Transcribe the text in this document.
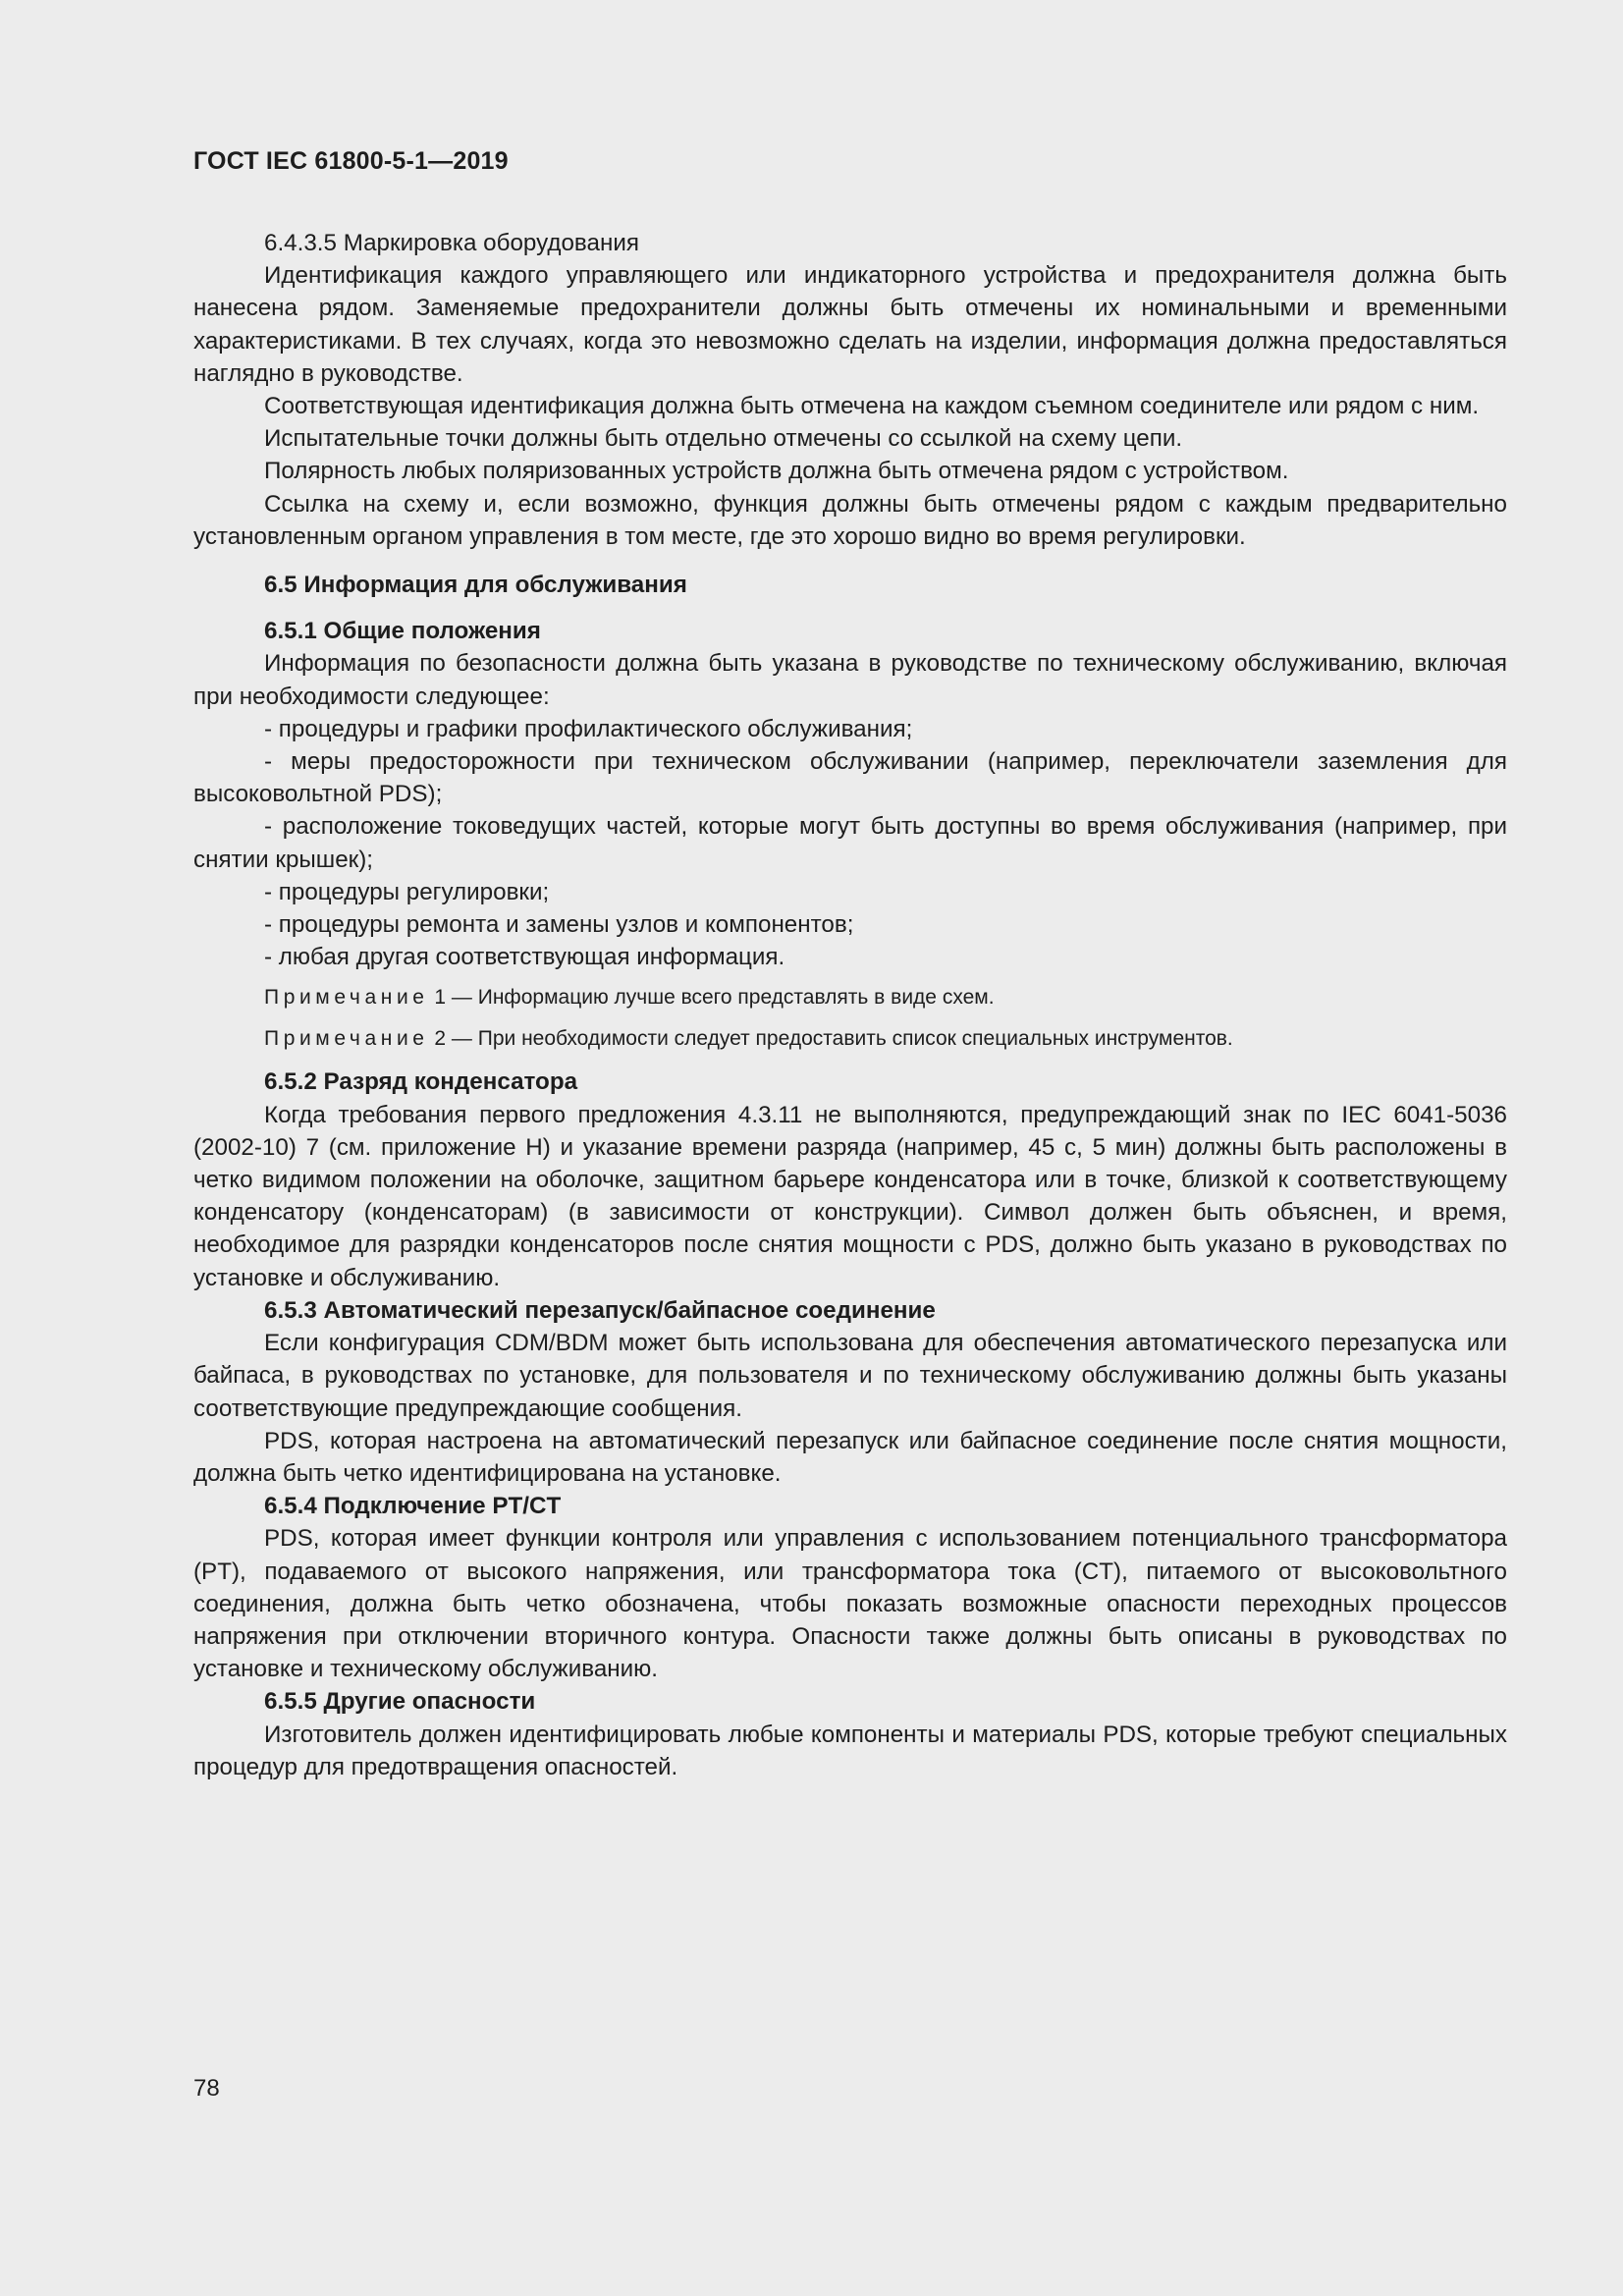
ГОСТ IEC 61800-5-1—2019

6.4.3.5 Маркировка оборудования

Идентификация каждого управляющего или индикаторного устройства и предохранителя должна быть нанесена рядом. Заменяемые предохранители должны быть отмечены их номинальными и временными характеристиками. В тех случаях, когда это невозможно сделать на изделии, информация должна предоставляться наглядно в руководстве.

Соответствующая идентификация должна быть отмечена на каждом съемном соединителе или рядом с ним.

Испытательные точки должны быть отдельно отмечены со ссылкой на схему цепи.

Полярность любых поляризованных устройств должна быть отмечена рядом с устройством.

Ссылка на схему и, если возможно, функция должны быть отмечены рядом с каждым предварительно установленным органом управления в том месте, где это хорошо видно во время регулировки.

6.5 Информация для обслуживания

6.5.1 Общие положения

Информация по безопасности должна быть указана в руководстве по техническому обслуживанию, включая при необходимости следующее:

- процедуры и графики профилактического обслуживания;

- меры предосторожности при техническом обслуживании (например, переключатели заземления для высоковольтной PDS);

- расположение токоведущих частей, которые могут быть доступны во время обслуживания (например, при снятии крышек);

- процедуры регулировки;

- процедуры ремонта и замены узлов и компонентов;

- любая другая соответствующая информация.

Примечание 1 — Информацию лучше всего представлять в виде схем.

Примечание 2 — При необходимости следует предоставить список специальных инструментов.

6.5.2 Разряд конденсатора

Когда требования первого предложения 4.3.11 не выполняются, предупреждающий знак по IEC 6041-5036 (2002-10) 7 (см. приложение Н) и указание времени разряда (например, 45 с, 5 мин) должны быть расположены в четко видимом положении на оболочке, защитном барьере конденсатора или в точке, близкой к соответствующему конденсатору (конденсаторам) (в зависимости от конструкции). Символ должен быть объяснен, и время, необходимое для разрядки конденсаторов после снятия мощности с PDS, должно быть указано в руководствах по установке и обслуживанию.

6.5.3 Автоматический перезапуск/байпасное соединение

Если конфигурация CDM/BDM может быть использована для обеспечения автоматического перезапуска или байпаса, в руководствах по установке, для пользователя и по техническому обслуживанию должны быть указаны соответствующие предупреждающие сообщения.

PDS, которая настроена на автоматический перезапуск или байпасное соединение после снятия мощности, должна быть четко идентифицирована на установке.

6.5.4 Подключение PT/CT

PDS, которая имеет функции контроля или управления с использованием потенциального трансформатора (PT), подаваемого от высокого напряжения, или трансформатора тока (CT), питаемого от высоковольтного соединения, должна быть четко обозначена, чтобы показать возможные опасности переходных процессов напряжения при отключении вторичного контура. Опасности также должны быть описаны в руководствах по установке и техническому обслуживанию.

6.5.5 Другие опасности

Изготовитель должен идентифицировать любые компоненты и материалы PDS, которые требуют специальных процедур для предотвращения опасностей.

78
